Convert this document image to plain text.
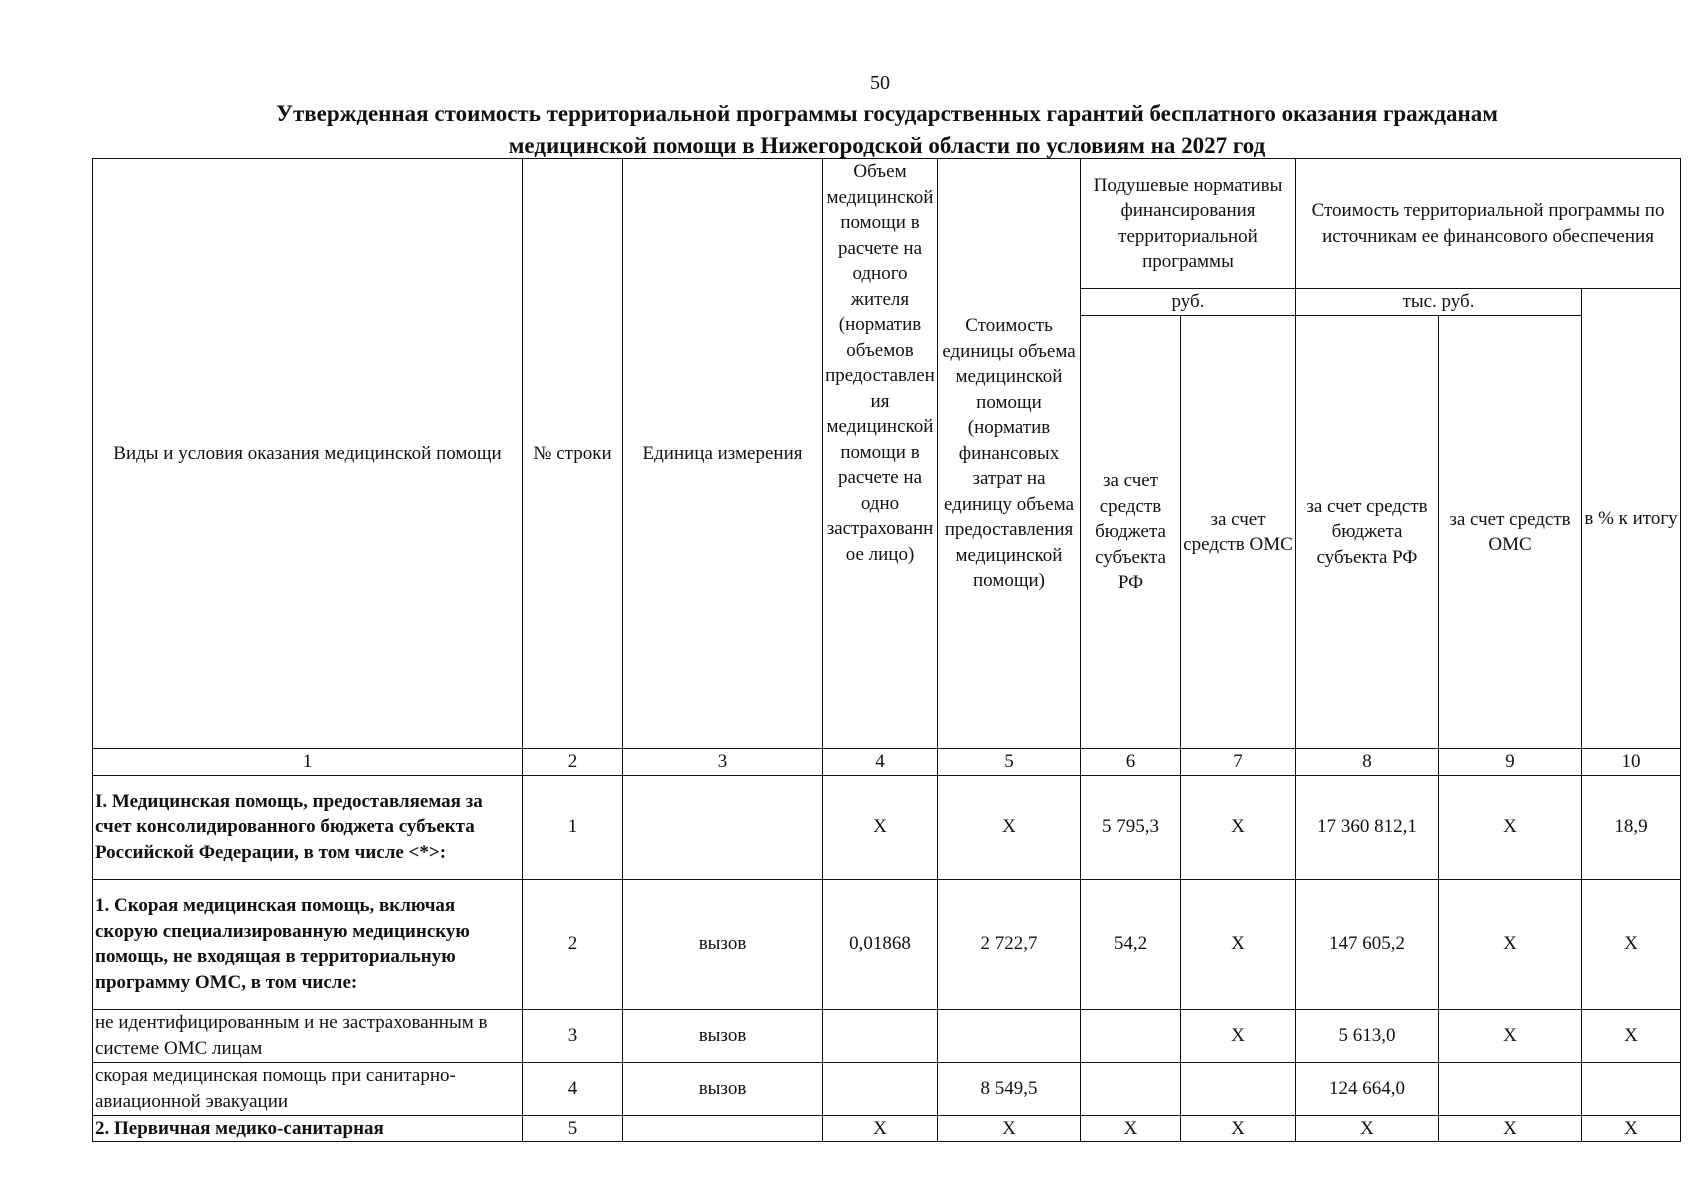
50
Утвержденная стоимость территориальной программы государственных гарантий бесплатного оказания гражданам
медицинской помощи в Нижегородской области по условиям на 2027 год
Виды и условия оказания медицинской помощи	№ строки	Единица измерения	Объем медицинской помощи в расчете на одного жителя (норматив объемов предоставления медицинской помощи в расчете на одно застрахованное лицо)	Стоимость единицы объема медицинской помощи (норматив финансовых затрат на единицу объема предоставления медицинской помощи)	Подушевые нормативы финансирования территориальной программы		Стоимость территориальной программы по источникам ее финансового обеспечения		
					руб.		тыс. руб.		в % к итогу
					за счет средств бюджета субъекта РФ	за счет средств ОМС	за счет средств бюджета субъекта РФ	за счет средств ОМС	
1	2	3	4	5	6	7	8	9	10
I. Медицинская помощь, предоставляемая за счет консолидированного бюджета субъекта Российской Федерации, в том числе <*>:	1		Х	Х	5 795,3	Х	17 360 812,1	Х	18,9
1. Скорая медицинская помощь, включая скорую специализированную медицинскую помощь, не входящая в территориальную программу ОМС, в том числе:	2	вызов	0,01868	2 722,7	54,2	Х	147 605,2	Х	Х
не идентифицированным и не застрахованным в системе ОМС лицам	3	вызов				Х	5 613,0	Х	Х
скорая медицинская помощь при санитарно-авиационной эвакуации	4	вызов		8 549,5			124 664,0		
2. Первичная медико-санитарная	5		Х	Х	Х	Х	Х	Х	Х
